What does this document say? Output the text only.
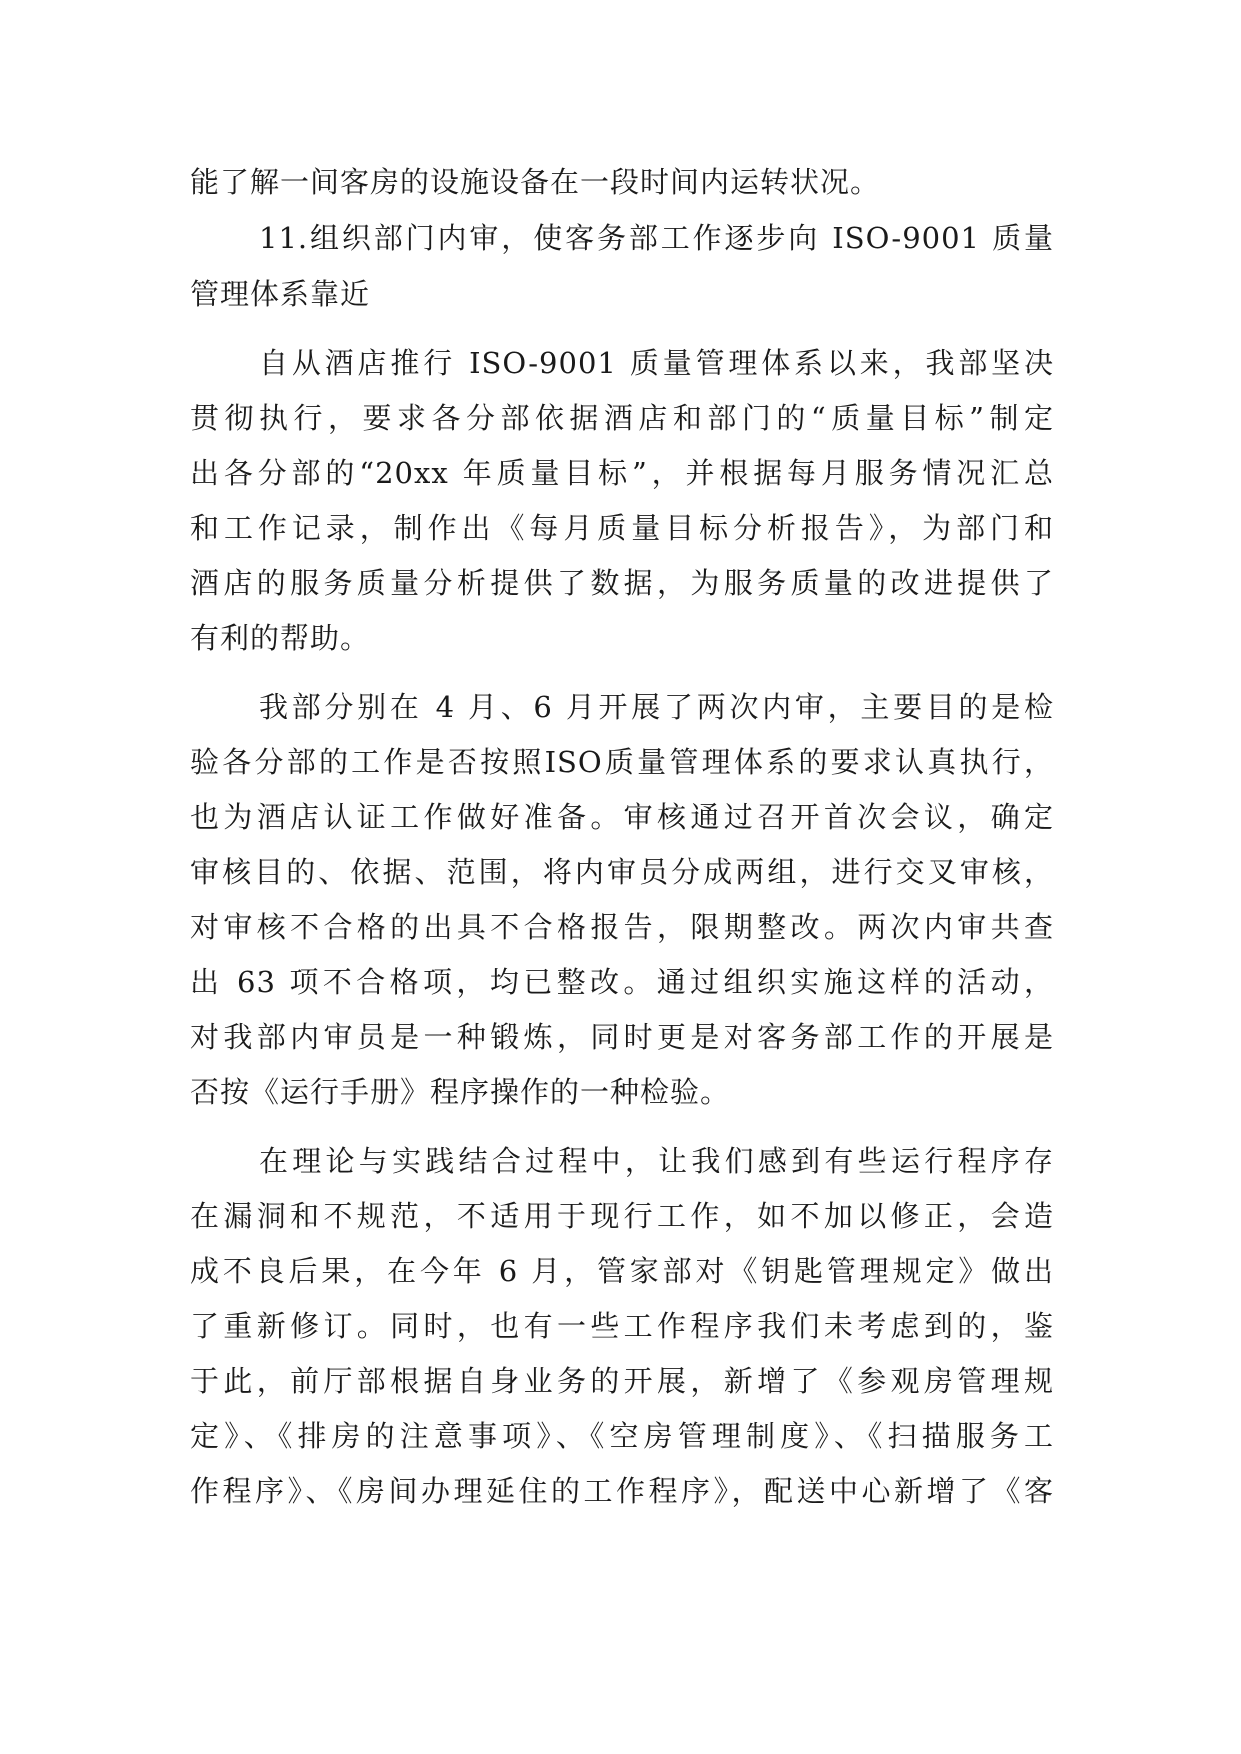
能了解一间客房的设施设备在一段时间内运转状况。
11.组织部门内审，使客务部工作逐步向 ISO-9001 质量
管理体系靠近
自从酒店推行 ISO-9001 质量管理体系以来，我部坚决
贯彻执行，要求各分部依据酒店和部门的“质量目标”制定
出各分部的“20xx 年质量目标”，并根据每月服务情况汇总
和工作记录，制作出《每月质量目标分析报告》，为部门和
酒店的服务质量分析提供了数据，为服务质量的改进提供了
有利的帮助。
我部分别在 4 月、6 月开展了两次内审，主要目的是检
验各分部的工作是否按照ISO质量管理体系的要求认真执行，
也为酒店认证工作做好准备。审核通过召开首次会议，确定
审核目的、依据、范围，将内审员分成两组，进行交叉审核，
对审核不合格的出具不合格报告，限期整改。两次内审共查
出 63 项不合格项，均已整改。通过组织实施这样的活动，
对我部内审员是一种锻炼，同时更是对客务部工作的开展是
否按《运行手册》程序操作的一种检验。
在理论与实践结合过程中，让我们感到有些运行程序存
在漏洞和不规范，不适用于现行工作，如不加以修正，会造
成不良后果，在今年 6 月，管家部对《钥匙管理规定》做出
了重新修订。同时，也有一些工作程序我们未考虑到的，鉴
于此，前厅部根据自身业务的开展，新增了《参观房管理规
定》、《排房的注意事项》、《空房管理制度》、《扫描服务工
作程序》、《房间办理延住的工作程序》，配送中心新增了《客
